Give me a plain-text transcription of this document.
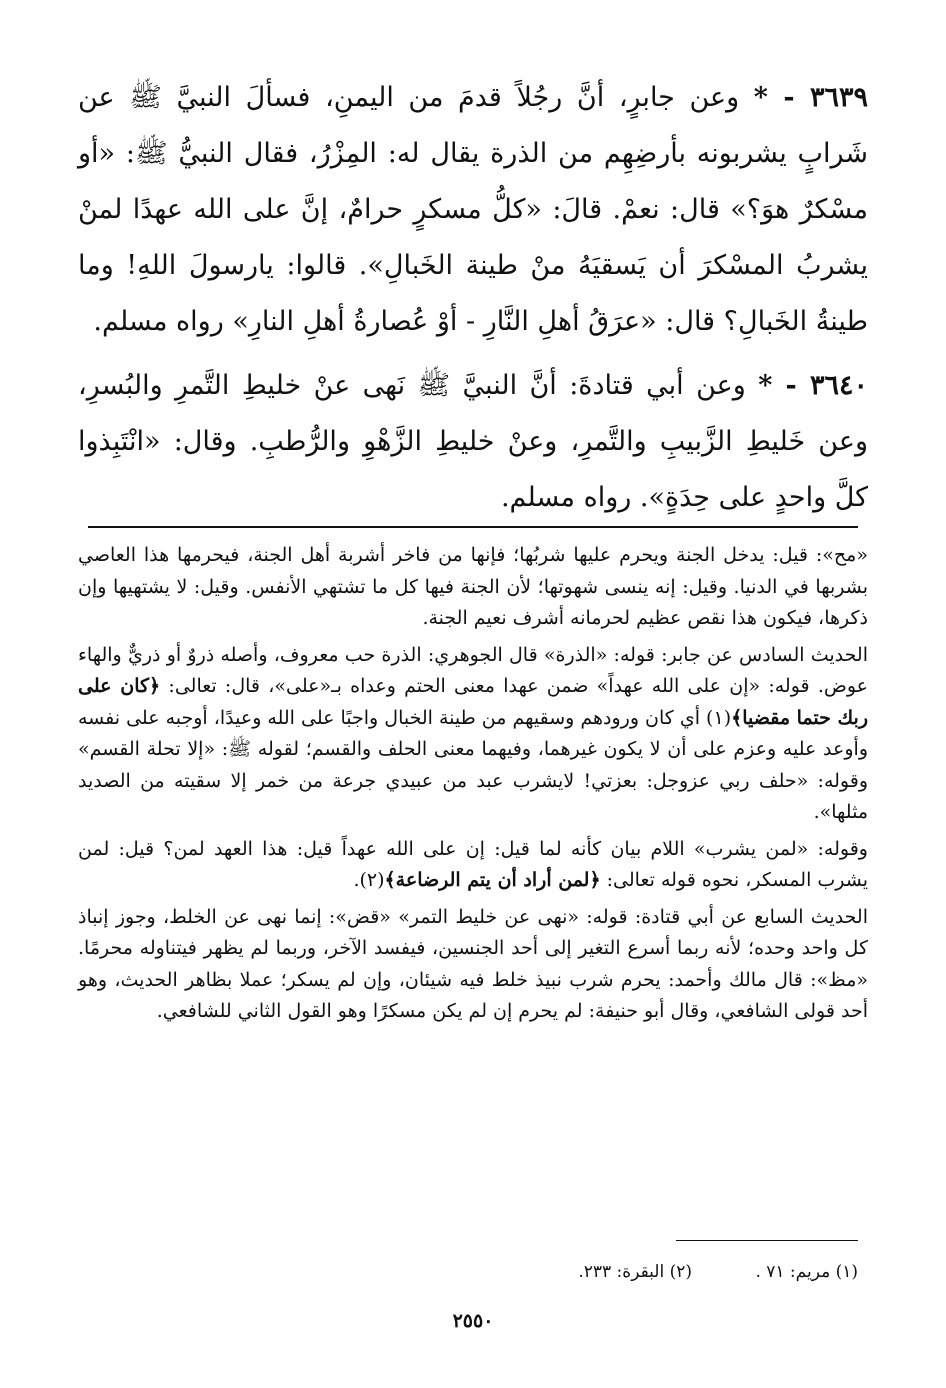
٣٦٣٩ - * وعن جابرٍ، أنَّ رجُلاً قدمَ من اليمنِ، فسألَ النبيَّ ﷺ عن شَرابٍ يشربونه بأرضِهِم من الذرة يقال له: المِزْرُ، فقال النبيُّ ﷺ: «أو مسْكرٌ هوَ؟» قال: نعمْ. قالَ: «كلُّ مسكرٍ حرامٌ، إنَّ على الله عهدًا لمنْ يشربُ المسْكرَ أن يَسقيَهُ منْ طينة الخَبالِ». قالوا: يارسولَ اللهِ! وما طينةُ الخَبالِ؟ قال: «عرَقُ أهلِ النَّارِ - أوْ عُصارةُ أهلِ النارِ» رواه مسلم.

٣٦٤٠ - * وعن أبي قتادةَ: أنَّ النبيَّ ﷺ نَهى عنْ خليطِ التَّمرِ والبُسرِ، وعن خَليطِ الزَّبيبِ والتَّمرِ، وعنْ خليطِ الزَّهْوِ والرُّطبِ. وقال: «انْتَبِذوا كلَّ واحدٍ على حِدَةٍ». رواه مسلم.

«مح»: قيل: يدخل الجنة ويحرم عليها شربُها؛ فإنها من فاخر أشربة أهل الجنة، فيحرمها هذا العاصي بشربها في الدنيا. وقيل: إنه ينسى شهوتها؛ لأن الجنة فيها كل ما تشتهي الأنفس. وقيل: لا يشتهيها وإن ذكرها، فيكون هذا نقص عظيم لحرمانه أشرف نعيم الجنة.

الحديث السادس عن جابر: قوله: «الذرة» قال الجوهري: الذرة حب معروف، وأصله ذروٌ أو ذريٌّ والهاء عوض. قوله: «إن على الله عهداً» ضمن عهدا معنى الحتم وعداه بـ«على»، قال: تعالى: ﴿كان على ربك حتما مقضيا﴾(١) أي كان ورودهم وسقيهم من طينة الخبال واجبًا على الله وعيدًا، أوجبه على نفسه وأوعد عليه وعزم على أن لا يكون غيرهما، وفيهما معنى الحلف والقسم؛ لقوله ﷺ: «إلا تحلة القسم» وقوله: «حلف ربي عزوجل: بعزتي! لايشرب عبد من عبيدي جرعة من خمر إلا سقيته من الصديد مثلها».

وقوله: «لمن يشرب» اللام بيان كأنه لما قيل: إن على الله عهداً قيل: هذا العهد لمن؟ قيل: لمن يشرب المسكر، نحوه قوله تعالى: ﴿لمن أراد أن يتم الرضاعة﴾(٢).

الحديث السابع عن أبي قتادة: قوله: «نهى عن خليط التمر» «قض»: إنما نهى عن الخلط، وجوز إنباذ كل واحد وحده؛ لأنه ربما أسرع التغير إلى أحد الجنسين، فيفسد الآخر، وربما لم يظهر فيتناوله محرمًا. «مظ»: قال مالك وأحمد: يحرم شرب نبيذ خلط فيه شيئان، وإن لم يسكر؛ عملا بظاهر الحديث، وهو أحد قولى الشافعي، وقال أبو حنيفة: لم يحرم إن لم يكن مسكرًا وهو القول الثاني للشافعي.

(١) مريم: ٧١ . (٢) البقرة: ٢٣٣.
٢٥٥٠
